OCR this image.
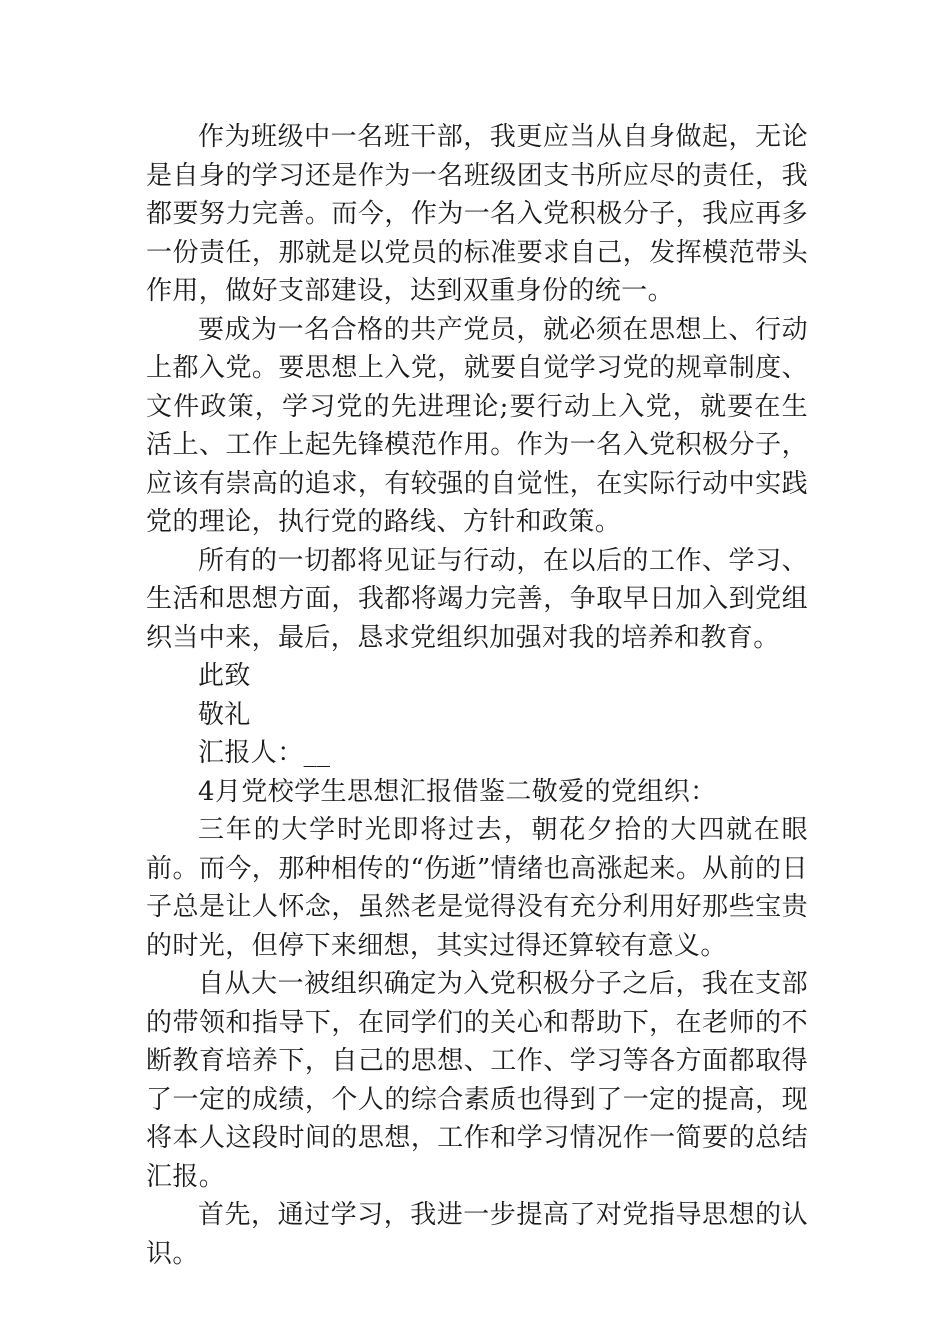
作为班级中一名班干部，我更应当从自身做起，无论是自身的学习还是作为一名班级团支书所应尽的责任，我都要努力完善。而今，作为一名入党积极分子，我应再多一份责任，那就是以党员的标准要求自己，发挥模范带头作用，做好支部建设，达到双重身份的统一。

要成为一名合格的共产党员，就必须在思想上、行动上都入党。要思想上入党，就要自觉学习党的规章制度、文件政策，学习党的先进理论;要行动上入党，就要在生活上、工作上起先锋模范作用。作为一名入党积极分子，应该有崇高的追求，有较强的自觉性，在实际行动中实践党的理论，执行党的路线、方针和政策。

所有的一切都将见证与行动，在以后的工作、学习、生活和思想方面，我都将竭力完善，争取早日加入到党组织当中来，最后，恳求党组织加强对我的培养和教育。

此致

敬礼

汇报人：__

4月党校学生思想汇报借鉴二敬爱的党组织：

三年的大学时光即将过去，朝花夕拾的大四就在眼前。而今，那种相传的“伤逝”情绪也高涨起来。从前的日子总是让人怀念，虽然老是觉得没有充分利用好那些宝贵的时光，但停下来细想，其实过得还算较有意义。

自从大一被组织确定为入党积极分子之后，我在支部的带领和指导下，在同学们的关心和帮助下，在老师的不断教育培养下，自己的思想、工作、学习等各方面都取得了一定的成绩，个人的综合素质也得到了一定的提高，现将本人这段时间的思想，工作和学习情况作一简要的总结汇报。

首先，通过学习，我进一步提高了对党指导思想的认识。
